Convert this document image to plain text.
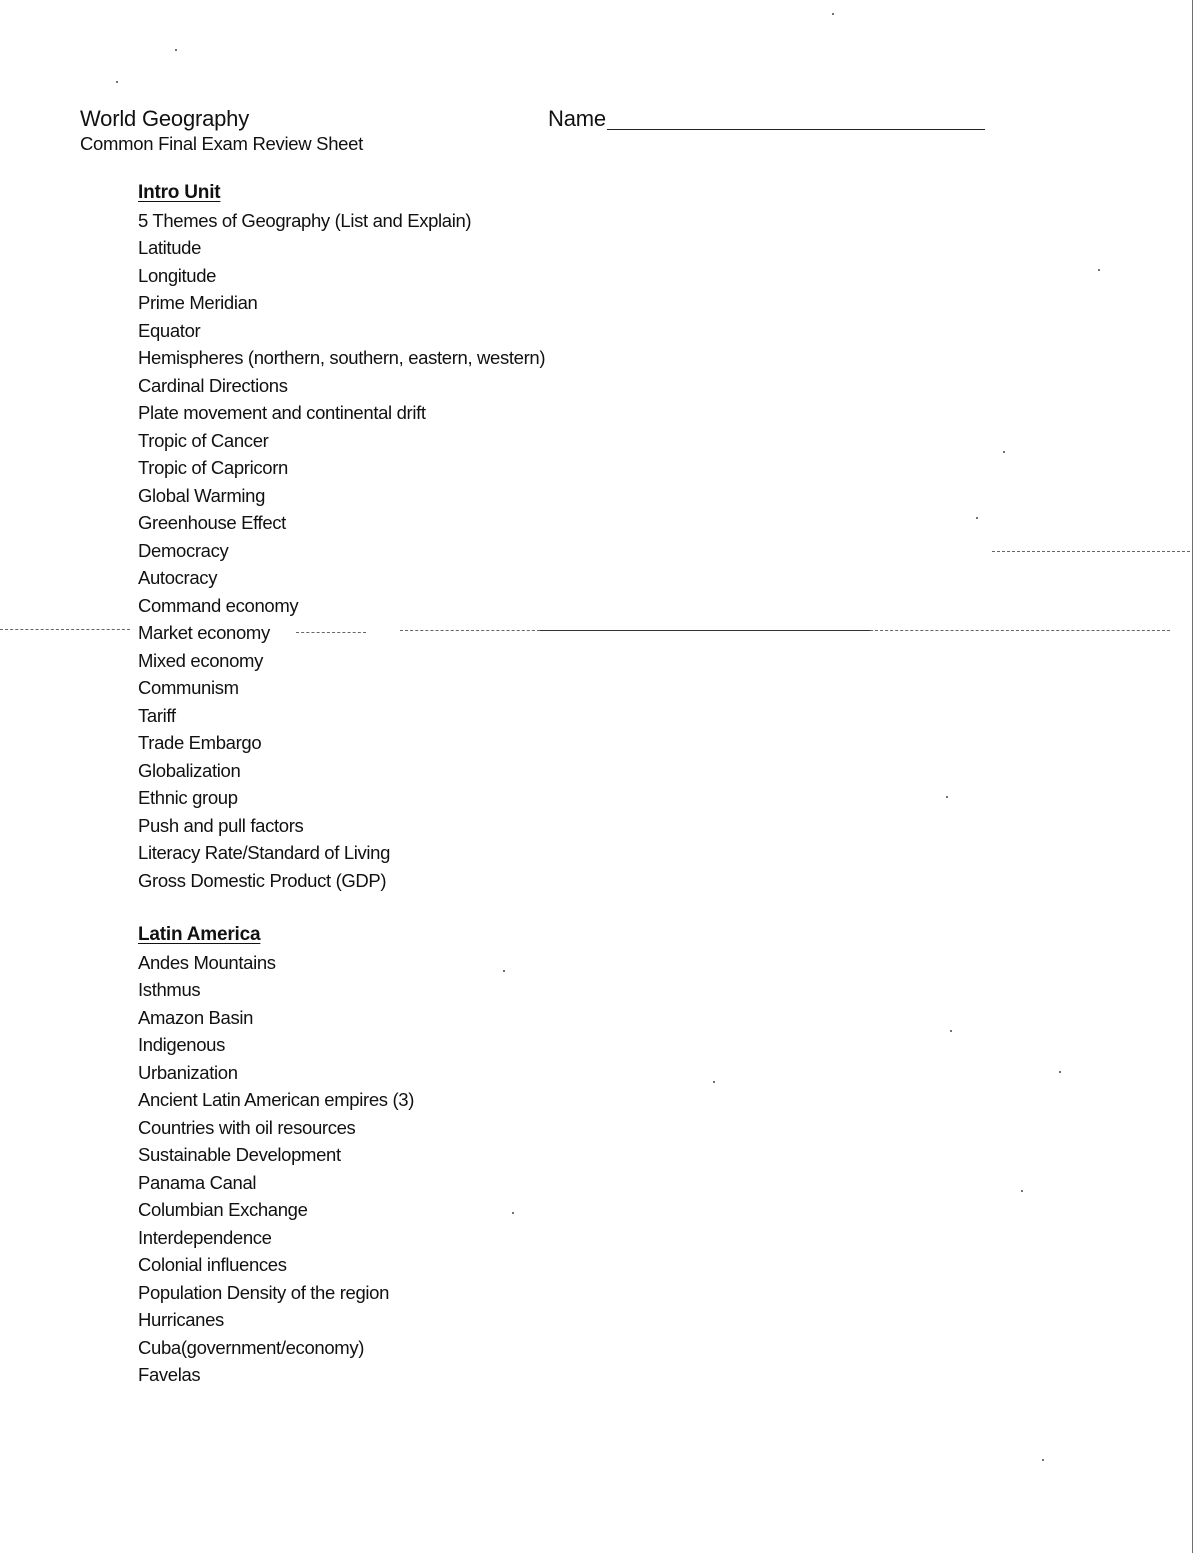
World Geography
Common Final Exam Review Sheet
Name
Intro Unit
5 Themes of Geography (List and Explain)
Latitude
Longitude
Prime Meridian
Equator
Hemispheres (northern, southern, eastern, western)
Cardinal Directions
Plate movement and continental drift
Tropic of Cancer
Tropic of Capricorn
Global Warming
Greenhouse Effect
Democracy
Autocracy
Command economy
Market economy
Mixed economy
Communism
Tariff
Trade Embargo
Globalization
Ethnic group
Push and pull factors
Literacy Rate/Standard of Living
Gross Domestic Product (GDP)
Latin America
Andes Mountains
Isthmus
Amazon Basin
Indigenous
Urbanization
Ancient Latin American empires (3)
Countries with oil resources
Sustainable Development
Panama Canal
Columbian Exchange
Interdependence
Colonial influences
Population Density of the region
Hurricanes
Cuba(government/economy)
Favelas
